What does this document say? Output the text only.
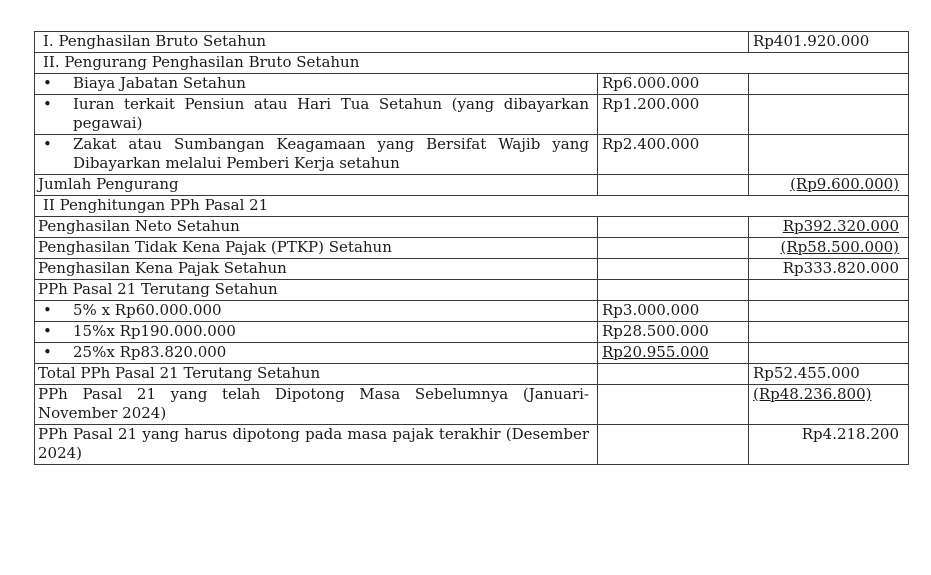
I. Penghasilan Bruto Setahun		Rp401.920.000
II. Pengurang Penghasilan Bruto Setahun		

• Biaya Jabatan Setahun	Rp6.000.000	

• Iuran terkait Pensiun atau Hari Tua Setahun (yang dibayarkan pegawai)	Rp1.200.000	

• Zakat atau Sumbangan Keagamaan yang Bersifat Wajib yang Dibayarkan melalui Pemberi Kerja setahun	Rp2.400.000	
Jumlah Pengurang		(Rp9.600.000)
II Penghitungan PPh Pasal 21		
Penghasilan Neto Setahun		Rp392.320.000
Penghasilan Tidak Kena Pajak (PTKP) Setahun		(Rp58.500.000)
Penghasilan Kena Pajak Setahun		Rp333.820.000
PPh Pasal 21 Terutang Setahun		

• 5% x Rp60.000.000	Rp3.000.000	

• 15%x Rp190.000.000	Rp28.500.000	

• 25%x Rp83.820.000	Rp20.955.000	
Total PPh Pasal 21 Terutang Setahun		Rp52.455.000
PPh Pasal 21 yang telah Dipotong Masa Sebelumnya (Januari-November 2024)		(Rp48.236.800)
PPh Pasal 21 yang harus dipotong pada masa pajak terakhir (Desember 2024)		Rp4.218.200
